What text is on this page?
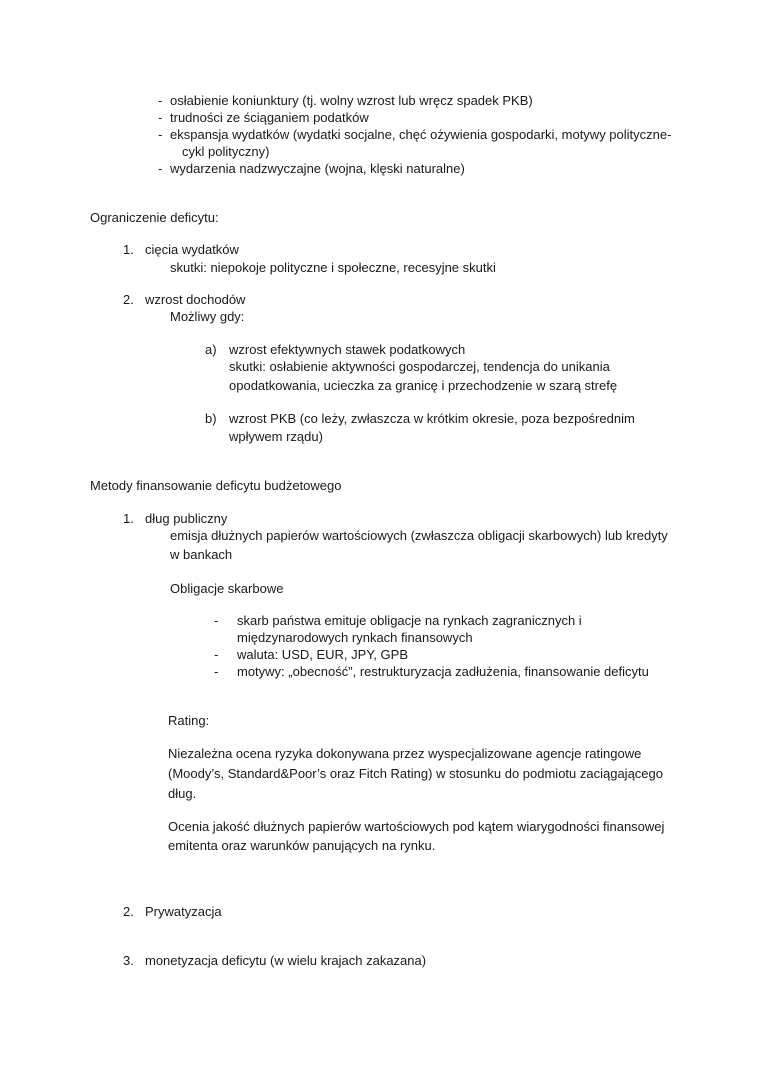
- osłabienie koniunktury (tj. wolny wzrost lub wręcz spadek PKB)
- trudności ze ściąganiem podatków
- ekspansja wydatków (wydatki socjalne, chęć ożywienia gospodarki, motywy polityczne-
cykl polityczny)
- wydarzenia nadzwyczajne (wojna, klęski naturalne)
Ograniczenie deficytu:
1. cięcia wydatków
skutki: niepokoje polityczne i społeczne, recesyjne skutki
2. wzrost dochodów
Możliwy gdy:
a) wzrost efektywnych stawek podatkowych
skutki: osłabienie aktywności gospodarczej, tendencja do unikania
opodatkowania, ucieczka za granicę i przechodzenie w szarą strefę
b) wzrost PKB (co leży, zwłaszcza w krótkim okresie, poza bezpośrednim
wpływem rządu)
Metody finansowanie deficytu budżetowego
1. dług publiczny
emisja dłużnych papierów wartościowych (zwłaszcza obligacji skarbowych) lub kredyty
w bankach
Obligacje skarbowe
- skarb państwa emituje obligacje na rynkach zagranicznych i
międzynarodowych rynkach finansowych
- waluta: USD, EUR, JPY, GPB
- motywy: „obecność”, restrukturyzacja zadłużenia, finansowanie deficytu
Rating:
Niezależna ocena ryzyka dokonywana przez wyspecjalizowane agencje ratingowe
(Moody’s, Standard&Poor’s oraz Fitch Rating) w stosunku do podmiotu zaciągającego
dług.
Ocenia jakość dłużnych papierów wartościowych pod kątem wiarygodności finansowej
emitenta oraz warunków panujących na rynku.
2. Prywatyzacja
3. monetyzacja deficytu (w wielu krajach zakazana)
